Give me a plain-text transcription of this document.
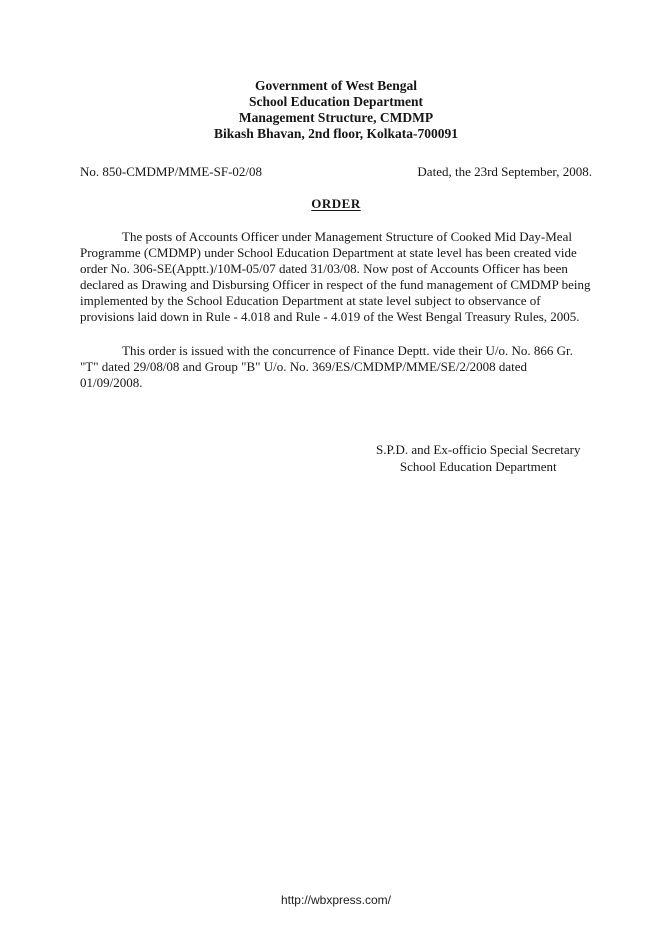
Government of West Bengal
School Education Department
Management Structure, CMDMP
Bikash Bhavan, 2nd floor, Kolkata-700091
No. 850-CMDMP/MME-SF-02/08	Dated, the 23rd September, 2008.
ORDER

The posts of Accounts Officer under Management Structure of Cooked Mid Day-Meal Programme (CMDMP) under School Education Department at state level has been created vide order No. 306-SE(Apptt.)/10M-05/07 dated 31/03/08. Now post of Accounts Officer has been declared as Drawing and Disbursing Officer in respect of the fund management of CMDMP being implemented by the School Education Department at state level subject to observance of provisions laid down in Rule - 4.018 and Rule - 4.019 of the West Bengal Treasury Rules, 2005.

This order is issued with the concurrence of Finance Deptt. vide their U/o. No. 866 Gr. "T" dated 29/08/08 and Group "B" U/o. No. 369/ES/CMDMP/MME/SE/2/2008 dated 01/09/2008.

S.P.D. and Ex-officio Special Secretary
School Education Department
http://wbxpress.com/
